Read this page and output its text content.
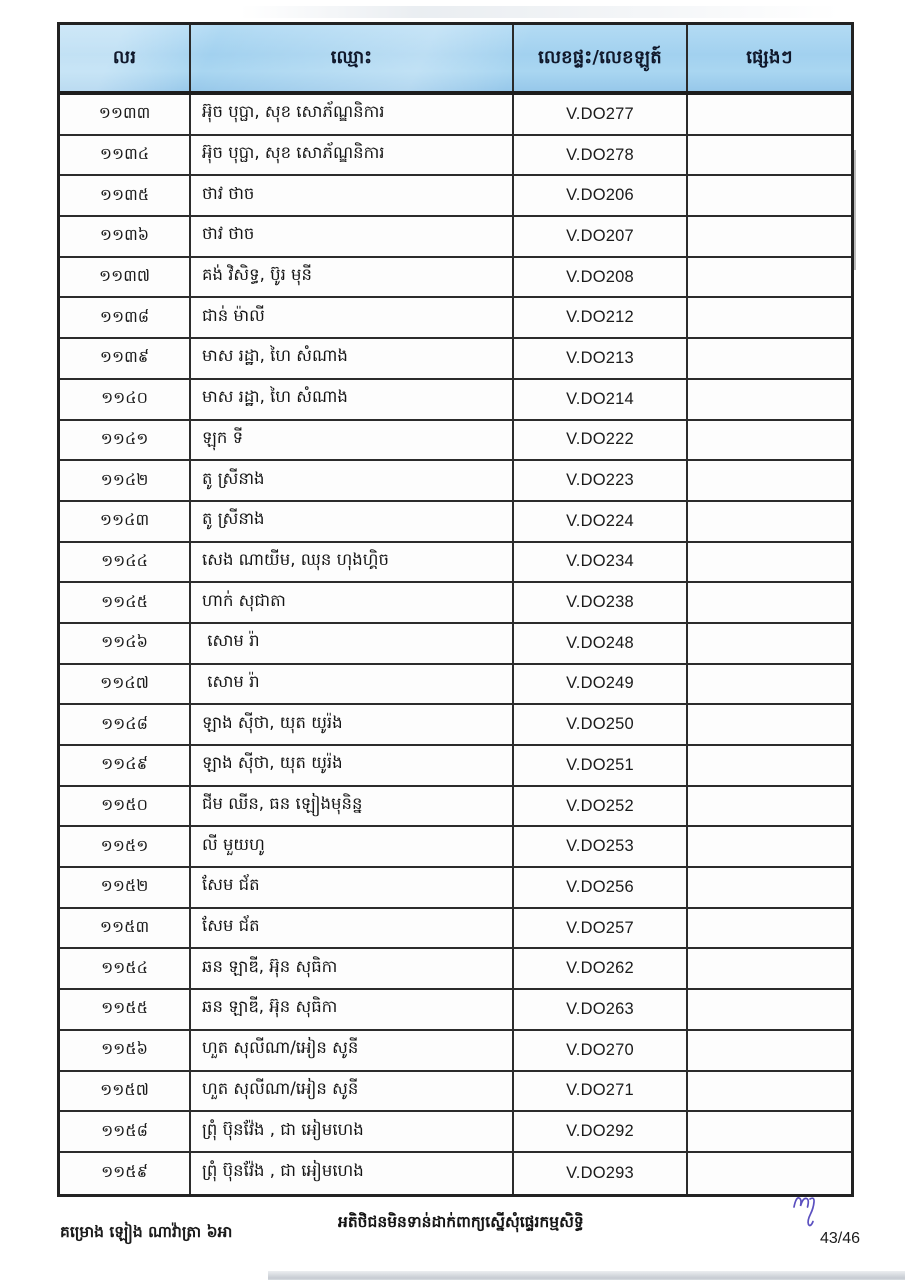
លរ	ឈ្មោះ	លេខផ្ទះ/លេខឡូត៍	ផ្សេងៗ
១១៣៣	អ៊ុច បុប្ផា, សុខ សោភ័ណ្ឌនិការ	V.DO277
១១៣៤	អ៊ុច បុប្ផា, សុខ សោភ័ណ្ឌនិការ	V.DO278
១១៣៥	ថាវ ថាច	V.DO206
១១៣៦	ថាវ ថាច	V.DO207
១១៣៧	គង់ វិសិទ្ធ, ប៊ូរ មុនី	V.DO208
១១៣៨	ជាន់ ម៉ាលី	V.DO212
១១៣៩	មាស រដ្ឋា, ហៃ សំណាង	V.DO213
១១៤០	មាស រដ្ឋា, ហៃ សំណាង	V.DO214
១១៤១	ឡុក ទី	V.DO222
១១៤២	តូ ស្រីនាង	V.DO223
១១៤៣	តូ ស្រីនាង	V.DO224
១១៤៤	សេង ណាយីម, ឈុន ហុងហ្គិច	V.DO234
១១៤៥	ហាក់ សុជាតា	V.DO238
១១៤៦	សោម រ៉ា	V.DO248
១១៤៧	សោម រ៉ា	V.DO249
១១៤៨	ឡាង ស៊ីថា, យុត យូរ៉ង	V.DO250
១១៤៩	ឡាង ស៊ីថា, យុត យូរ៉ង	V.DO251
១១៥០	ជីម ឈីន, ធន ឡៀងមុនិន្ន	V.DO252
១១៥១	លី មួយហូ	V.DO253
១១៥២	សែម ជ័ត	V.DO256
១១៥៣	សែម ជ័ត	V.DO257
១១៥៤	ឆន ឡាឌី, អ៊ុន សុធិកា	V.DO262
១១៥៥	ឆន ឡាឌី, អ៊ុន សុធិកា	V.DO263
១១៥៦	ហួត សុលីណា/អៀន សូនី	V.DO270
១១៥៧	ហួត សុលីណា/អៀន សូនី	V.DO271
១១៥៨	ព្រុំ ប៊ុនវ៉ែង , ជា អៀមហេង	V.DO292
១១៥៩	ព្រុំ ប៊ុនវ៉ែង , ជា អៀមហេង	V.DO293
គម្រោង ឡៀង ណាវ៉ាត្រា ៦អា
អតិថិជនមិនទាន់ដាក់ពាក្យស្នើសុំផ្ទេរកម្មសិទ្ធិ
43/46
